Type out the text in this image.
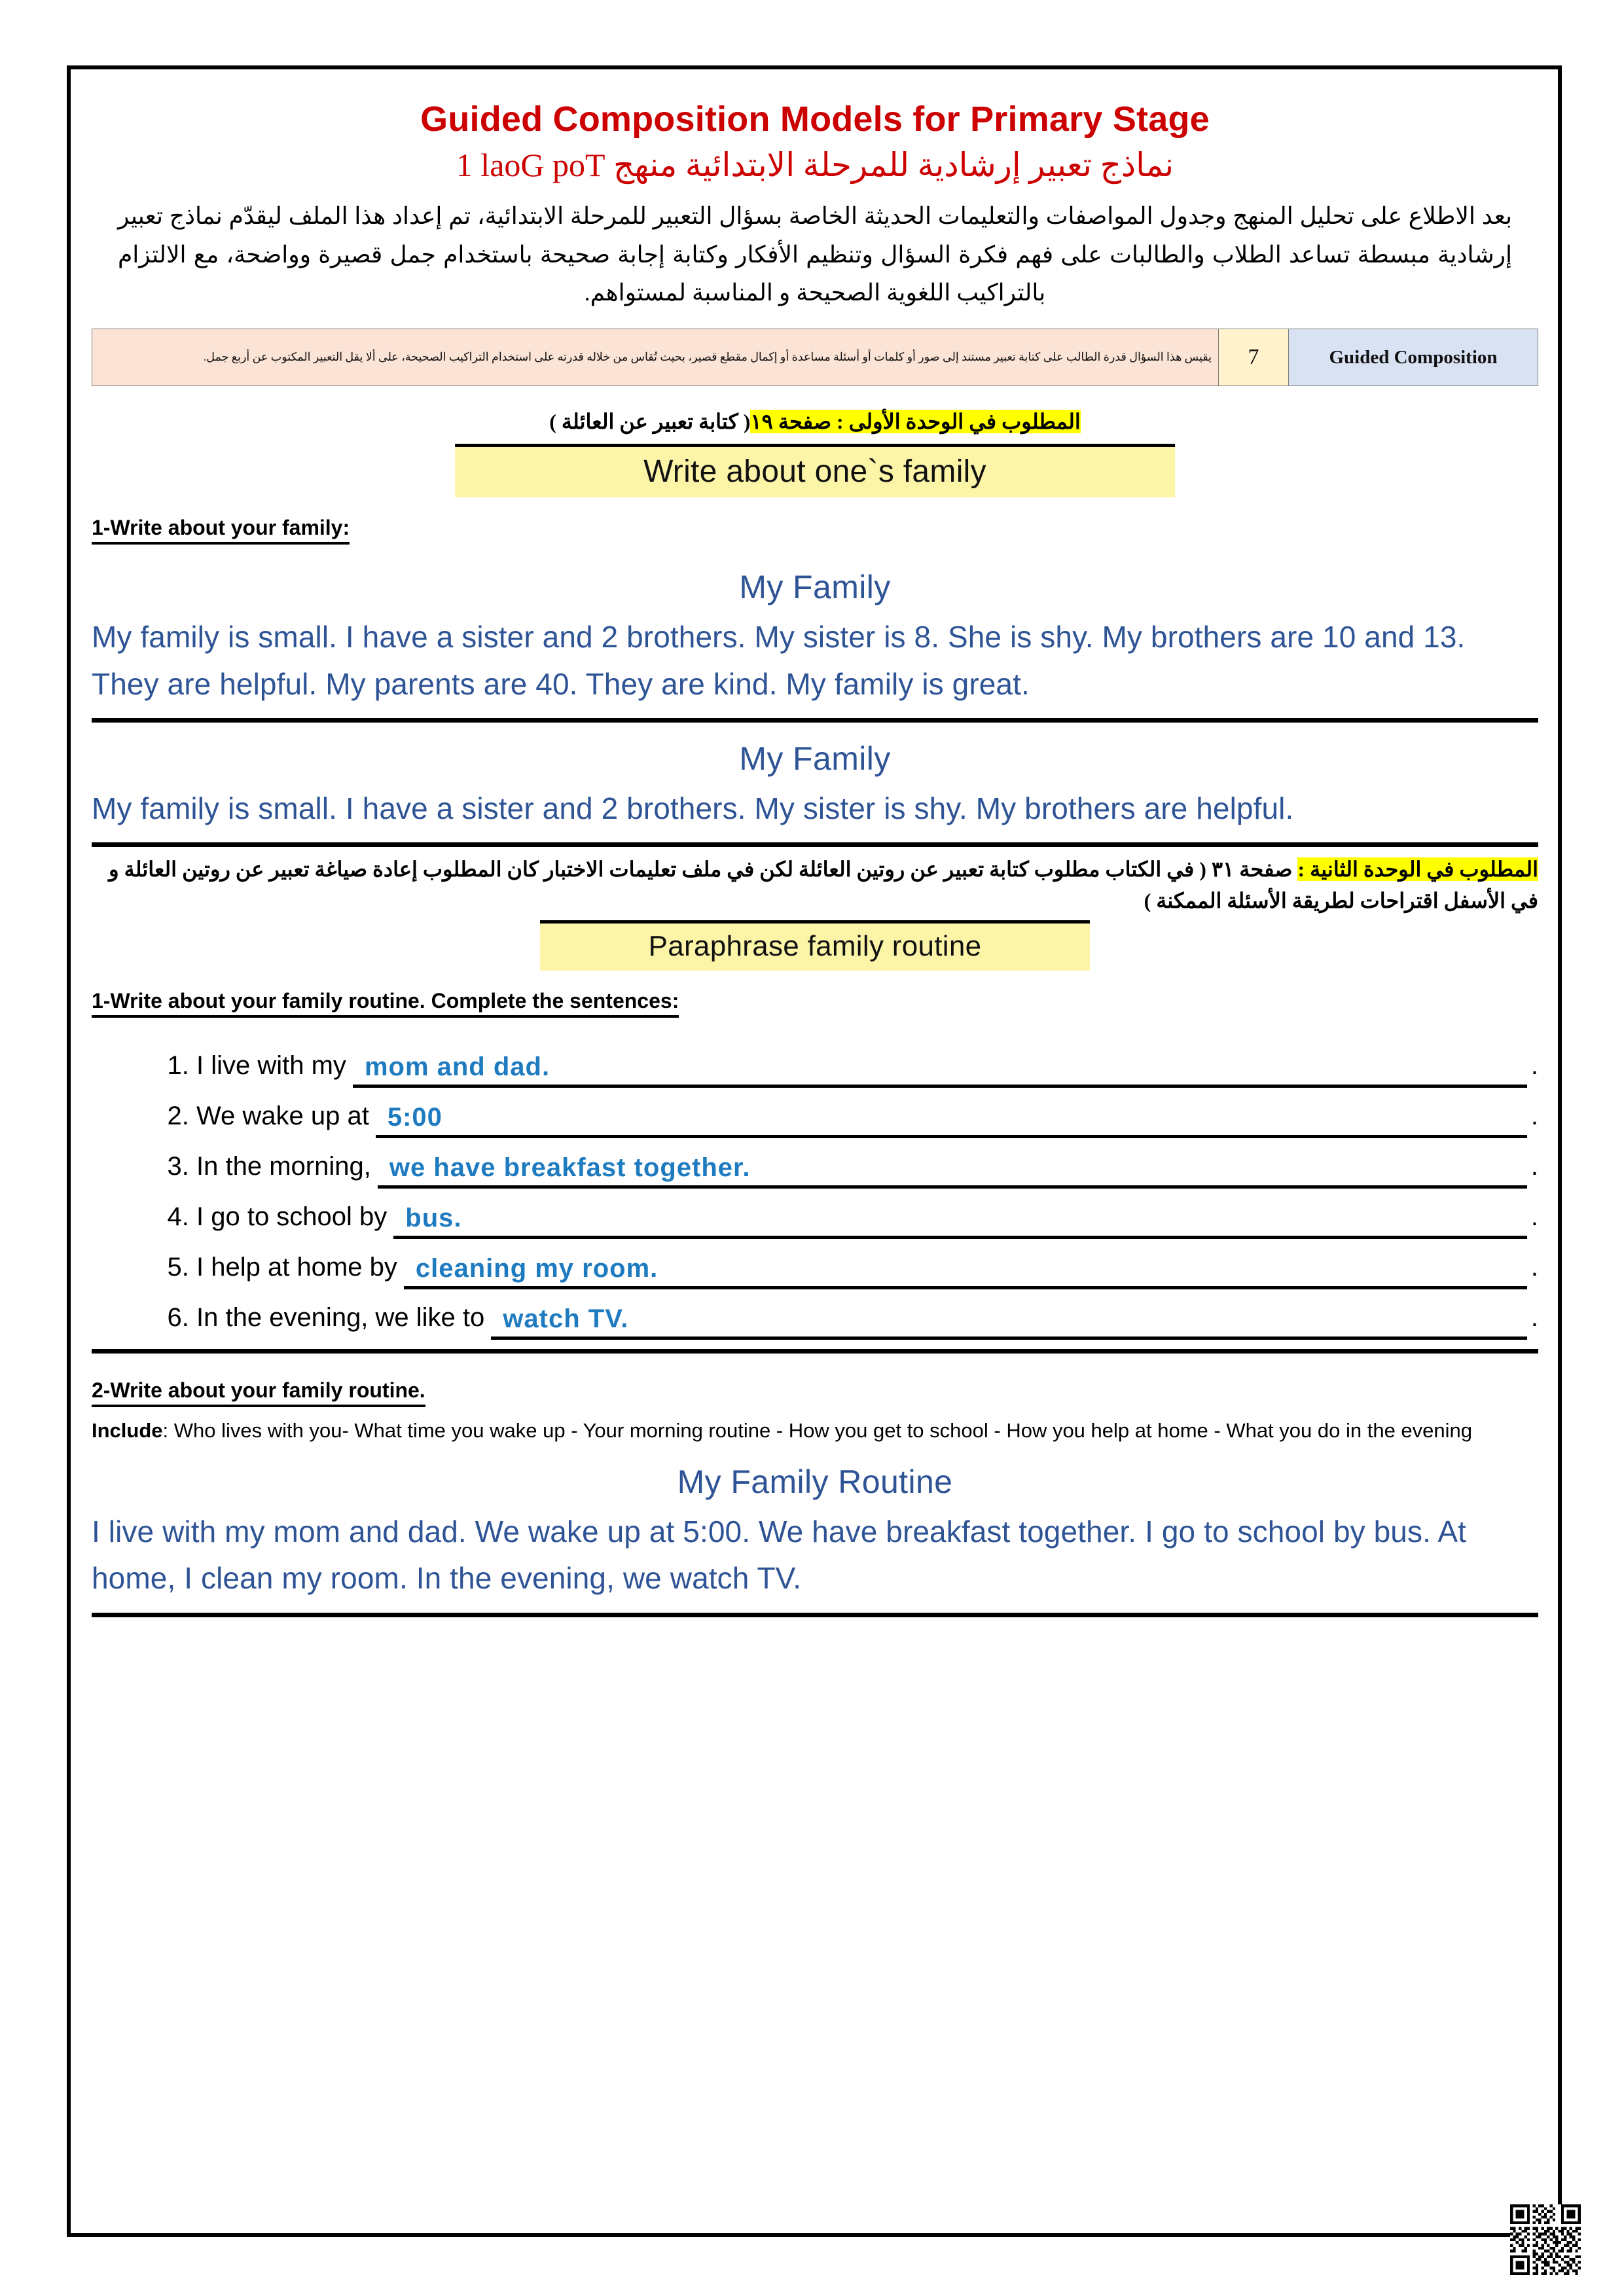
Guided Composition Models for Primary Stage
نماذج تعبير إرشادية للمرحلة الابتدائية منهج Top Goal 1
بعد الاطلاع على تحليل المنهج وجدول المواصفات والتعليمات الحديثة الخاصة بسؤال التعبير للمرحلة الابتدائية، تم إعداد هذا الملف ليقدّم نماذج تعبير إرشادية مبسطة تساعد الطلاب والطالبات على فهم فكرة السؤال وتنظيم الأفكار وكتابة إجابة صحيحة باستخدام جمل قصيرة وواضحة، مع الالتزام بالتراكيب اللغوية الصحيحة و المناسبة لمستواهم.
يقيس هذا السؤال قدرة الطالب على كتابة تعبير مستند إلى صور أو كلمات أو أسئلة مساعدة أو إكمال مقطع قصير، بحيث تُقاس من خلاله قدرته على استخدام التراكيب الصحيحة، على ألا يقل التعبير المكتوب عن أربع جمل.	7	Guided Composition
المطلوب في الوحدة الأولى : صفحة ١٩( كتابة تعبير عن العائلة )
Write about one`s family
1-Write about your family:
My Family
My family is small. I have a sister and 2 brothers. My sister is 8. She is shy. My brothers are 10 and 13. They are helpful. My parents are 40. They are kind. My family is great.
My Family
My family is small. I have a sister and 2 brothers. My sister is shy. My brothers are helpful.
المطلوب في الوحدة الثانية : صفحة ٣١ ( في الكتاب مطلوب كتابة تعبير عن روتين العائلة لكن في ملف تعليمات الاختبار كان المطلوب إعادة صياغة تعبير عن روتين العائلة و في الأسفل اقتراحات لطريقة الأسئلة الممكنة )
Paraphrase family routine
1-Write about your family routine. Complete the sentences:
1. I live with my mom and dad.	.
2. We wake up at 5:00	.
3. In the morning, we have breakfast together.	.
4. I go to school by bus.	.
5. I help at home by cleaning my room.	.
6. In the evening, we like to watch TV.	.
2-Write about your family routine.
Include: Who lives with you- What time you wake up - Your morning routine - How you get to school - How you help at home - What you do in the evening
My Family Routine
I live with my mom and dad. We wake up at 5:00. We have breakfast together. I go to school by bus. At home, I clean my room. In the evening, we watch TV.
